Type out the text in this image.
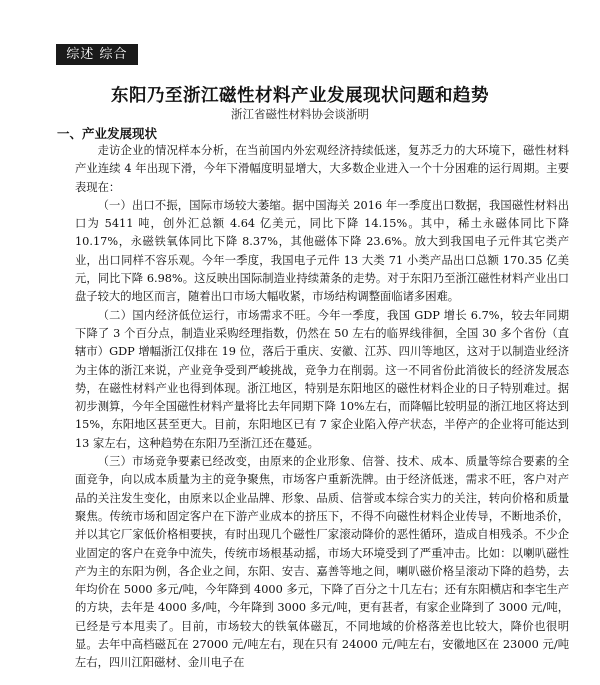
综述 综合
东阳乃至浙江磁性材料产业发展现状问题和趋势
浙江省磁性材料协会谈浙明
一、产业发展现状

走访企业的情况样本分析，在当前国内外宏观经济持续低迷，复苏乏力的大环境下，磁性材料产业连续 4 年出现下滑，今年下滑幅度明显增大，大多数企业进入一个十分困难的运行周期。主要表现在：

（一）出口不振，国际市场较大萎缩。据中国海关 2016 年一季度出口数据，我国磁性材料出口为 5411 吨，创外汇总额 4.64 亿美元，同比下降 14.15%。其中，稀土永磁体同比下降 10.17%，永磁铁氧体同比下降 8.37%，其他磁体下降 23.6%。放大到我国电子元件其它类产业，出口同样不容乐观。今年一季度，我国电子元件 13 大类 71 小类产品出口总额 170.35 亿美元，同比下降 6.98%。这反映出国际制造业持续萧条的走势。对于东阳乃至浙江磁性材料产业出口盘子较大的地区而言，随着出口市场大幅收紧，市场结构调整面临诸多困难。

（二）国内经济低位运行，市场需求不旺。今年一季度，我国 GDP 增长 6.7%，较去年同期下降了 3 个百分点，制造业采购经理指数，仍然在 50 左右的临界线徘徊，全国 30 多个省份（直辖市）GDP 增幅浙江仅排在 19 位，落后于重庆、安徽、江苏、四川等地区，这对于以制造业经济为主体的浙江来说，产业竞争受到严峻挑战，竞争力在削弱。这一不同省份此消彼长的经济发展态势，在磁性材料产业也得到体现。浙江地区，特别是东阳地区的磁性材料企业的日子特别难过。据初步测算，今年全国磁性材料产量将比去年同期下降 10%左右，而降幅比较明显的浙江地区将达到 15%，东阳地区甚至更大。目前，东阳地区已有 7 家企业陷入停产状态，半停产的企业将可能达到 13 家左右，这种趋势在东阳乃至浙江还在蔓延。

（三）市场竞争要素已经改变，由原来的企业形象、信誉、技术、成本、质量等综合要素的全面竞争，向以成本质量为主的竞争聚焦，市场客户重新洗牌。由于经济低迷，需求不旺，客户对产品的关注发生变化，由原来以企业品牌、形象、品质、信誉或本综合实力的关注，转向价格和质量聚焦。传统市场和固定客户在下游产业成本的挤压下，不得不向磁性材料企业传导，不断地杀价，并以其它厂家低价格相要挟，有时出现几个磁性厂家滚动降价的恶性循环，造成自相残杀。不少企业固定的客户在竞争中流失，传统市场根基动摇，市场大环境受到了严重冲击。比如：以喇叭磁性产为主的东阳为例，各企业之间，东阳、安吉、嘉善等地之间，喇叭磁价格呈滚动下降的趋势，去年均价在 5000 多元/吨，今年降到 4000 多元，下降了百分之十几左右；还有东阳横店和李宅生产的方块，去年是 4000 多/吨，今年降到 3000 多元/吨，更有甚者，有家企业降到了 3000 元/吨，已经是亏本甩卖了。目前，市场较大的铁氧体磁瓦，不同地域的价格落差也比较大，降价也很明显。去年中高档磁瓦在 27000 元/吨左右，现在只有 24000 元/吨左右，安徽地区在 23000 元/吨左右，四川江阳磁材、金川电子在
